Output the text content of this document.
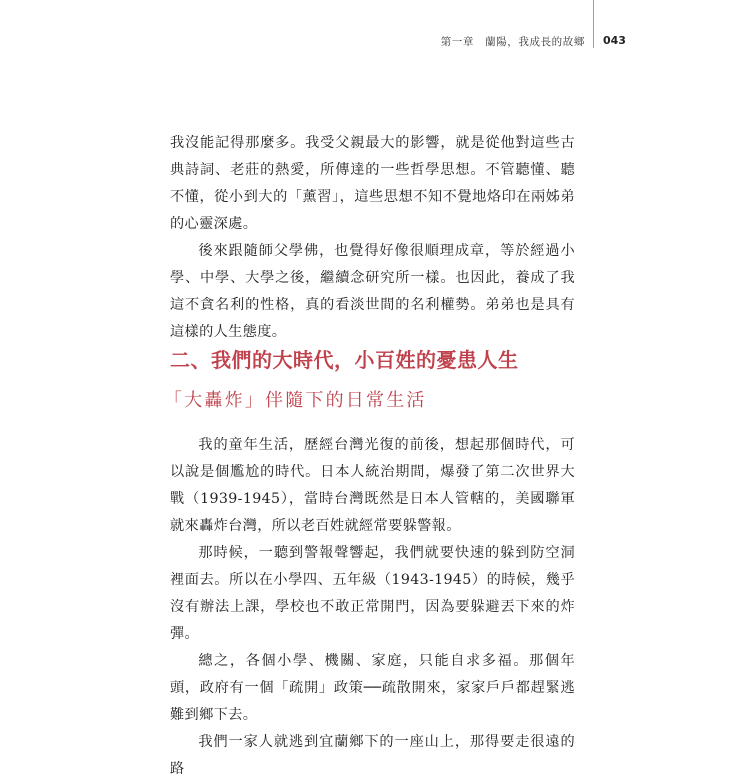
第一章　蘭陽，我成長的故鄉 043

我沒能記得那麼多。我受父親最大的影響，就是從他對這些古典詩詞、老莊的熱愛，所傳達的一些哲學思想。不管聽懂、聽不懂，從小到大的「薰習」，這些思想不知不覺地烙印在兩姊弟的心靈深處。

後來跟隨師父學佛，也覺得好像很順理成章，等於經過小學、中學、大學之後，繼續念研究所一樣。也因此，養成了我這不貪名利的性格，真的看淡世間的名利權勢。弟弟也是具有這樣的人生態度。

二、我們的大時代，小百姓的憂患人生
「大轟炸」伴隨下的日常生活

我的童年生活，歷經台灣光復的前後，想起那個時代，可以說是個尷尬的時代。日本人統治期間，爆發了第二次世界大戰（1939-1945），當時台灣既然是日本人管轄的，美國聯軍就來轟炸台灣，所以老百姓就經常要躲警報。

那時候，一聽到警報聲響起，我們就要快速的躲到防空洞裡面去。所以在小學四、五年級（1943-1945）的時候，幾乎沒有辦法上課，學校也不敢正常開門，因為要躲避丟下來的炸彈。

總之，各個小學、機關、家庭，只能自求多福。那個年頭，政府有一個「疏開」政策──疏散開來，家家戶戶都趕緊逃難到鄉下去。

我們一家人就逃到宜蘭鄉下的一座山上，那得要走很遠的路
